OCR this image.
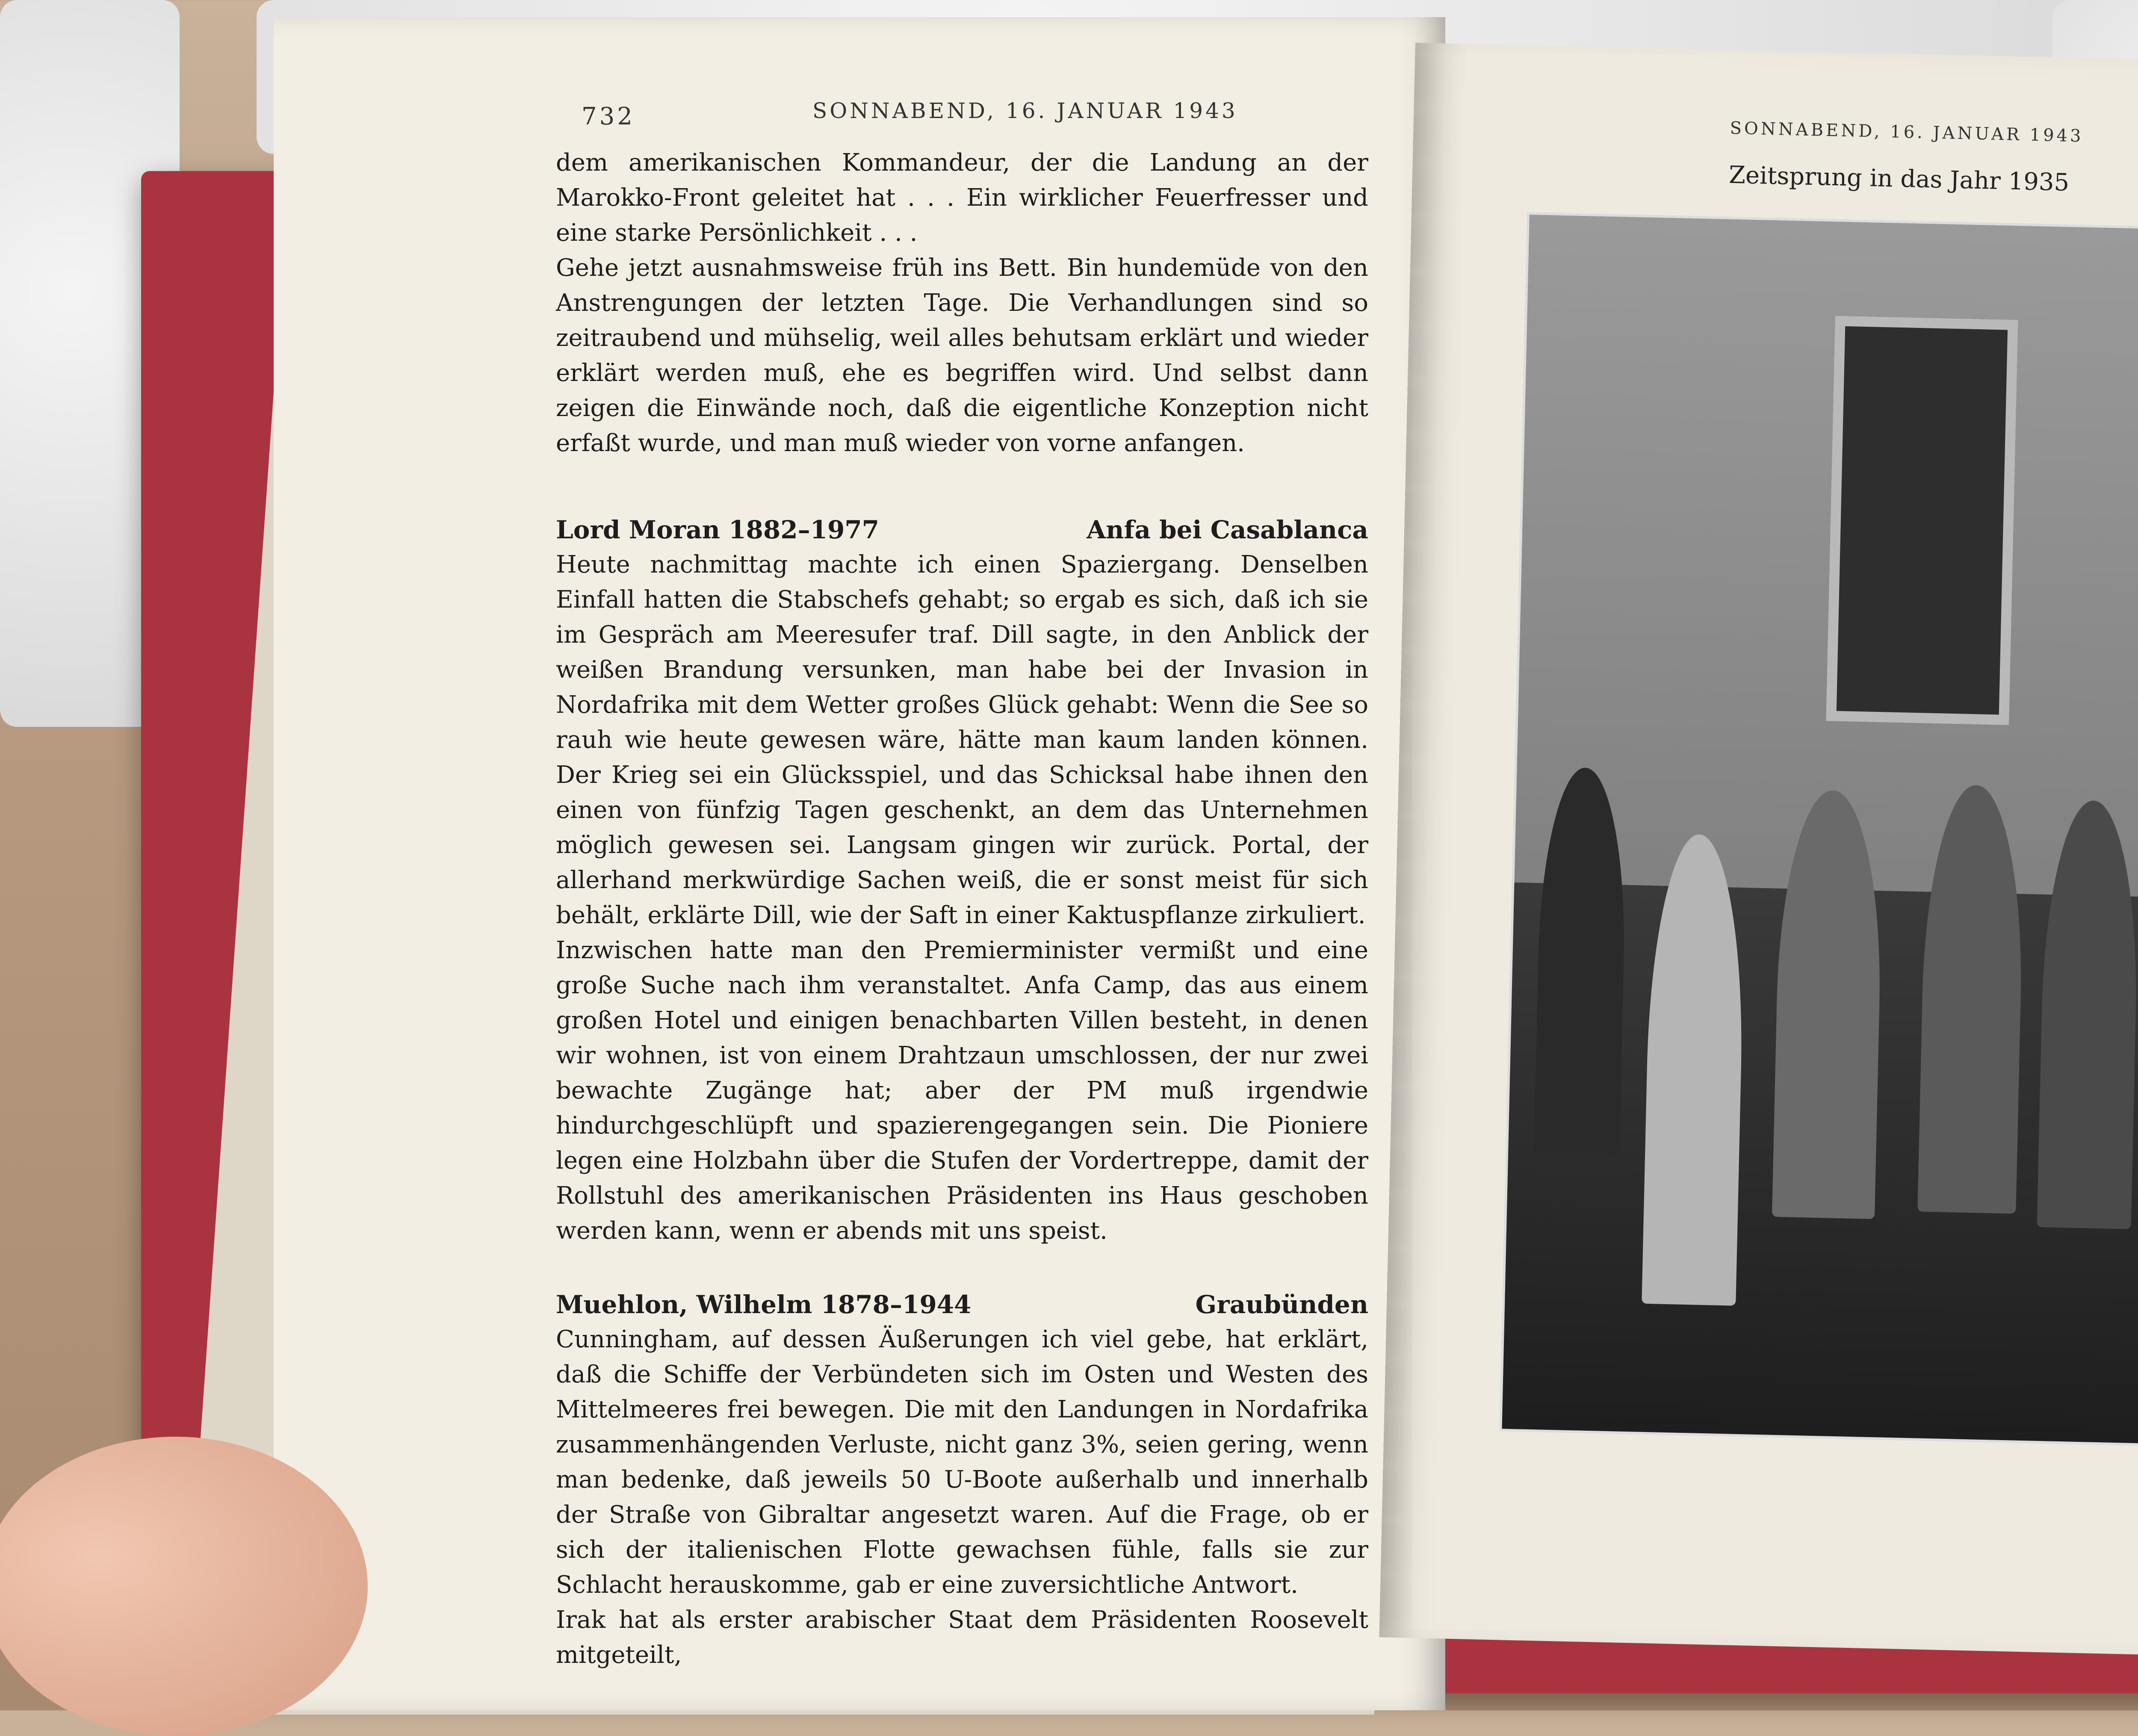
732	SONNABEND, 16. JANUAR 1943

dem amerikanischen Kommandeur, der die Landung an der Marokko-Front geleitet hat . . . Ein wirklicher Feuerfresser und eine starke Persönlichkeit . . .

Gehe jetzt ausnahmsweise früh ins Bett. Bin hundemüde von den Anstrengungen der letzten Tage. Die Verhandlungen sind so zeitraubend und mühselig, weil alles behutsam erklärt und wieder erklärt werden muß, ehe es begriffen wird. Und selbst dann zeigen die Einwände noch, daß die eigentliche Konzeption nicht erfaßt wurde, und man muß wieder von vorne anfangen.

Lord Moran 1882–1977	Anfa bei Casablanca

Heute nachmittag machte ich einen Spaziergang. Denselben Einfall hatten die Stabschefs gehabt; so ergab es sich, daß ich sie im Gespräch am Meeresufer traf. Dill sagte, in den Anblick der weißen Brandung versunken, man habe bei der Invasion in Nordafrika mit dem Wetter großes Glück gehabt: Wenn die See so rauh wie heute gewesen wäre, hätte man kaum landen können. Der Krieg sei ein Glücksspiel, und das Schicksal habe ihnen den einen von fünfzig Tagen geschenkt, an dem das Unternehmen möglich gewesen sei. Langsam gingen wir zurück. Portal, der allerhand merkwürdige Sachen weiß, die er sonst meist für sich behält, erklärte Dill, wie der Saft in einer Kaktuspflanze zirkuliert.

Inzwischen hatte man den Premierminister vermißt und eine große Suche nach ihm veranstaltet. Anfa Camp, das aus einem großen Hotel und einigen benachbarten Villen besteht, in denen wir wohnen, ist von einem Drahtzaun umschlossen, der nur zwei bewachte Zugänge hat; aber der PM muß irgendwie hindurchgeschlüpft und spazierengegangen sein. Die Pioniere legen eine Holzbahn über die Stufen der Vordertreppe, damit der Rollstuhl des amerikanischen Präsidenten ins Haus geschoben werden kann, wenn er abends mit uns speist.

Muehlon, Wilhelm 1878–1944	Graubünden

Cunningham, auf dessen Äußerungen ich viel gebe, hat erklärt, daß die Schiffe der Verbündeten sich im Osten und Westen des Mittelmeeres frei bewegen. Die mit den Landungen in Nordafrika zusammenhängenden Verluste, nicht ganz 3%, seien gering, wenn man bedenke, daß jeweils 50 U-Boote außerhalb und innerhalb der Straße von Gibraltar angesetzt waren. Auf die Frage, ob er sich der italienischen Flotte gewachsen fühle, falls sie zur Schlacht herauskomme, gab er eine zuversichtliche Antwort.

Irak hat als erster arabischer Staat dem Präsidenten Roosevelt mitgeteilt,

SONNABEND, 16. JANUAR 1943
Zeitsprung in das Jahr 1935
